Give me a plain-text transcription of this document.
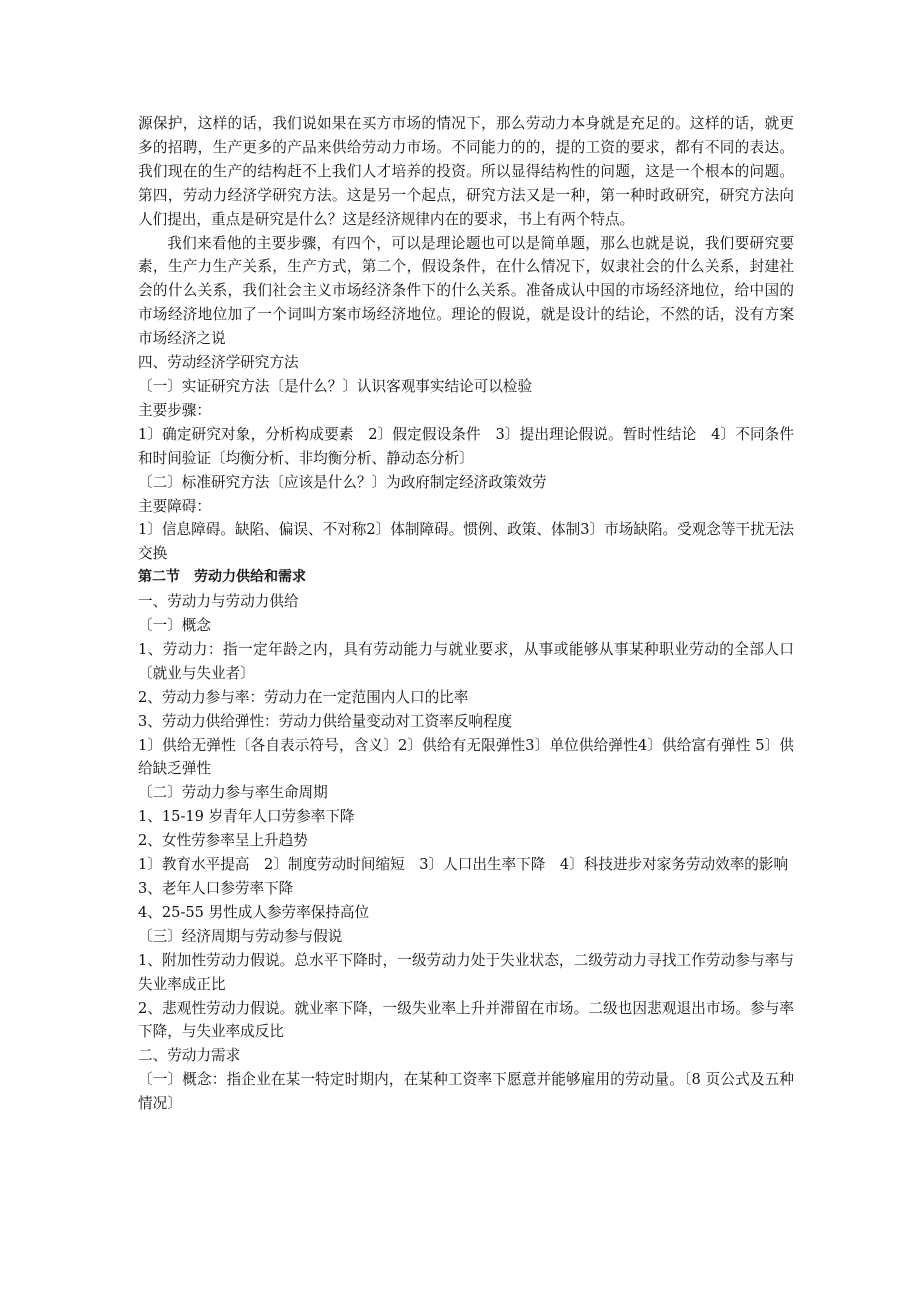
源保护，这样的话，我们说如果在买方市场的情况下，那么劳动力本身就是充足的。这样的话，就更多的招聘，生产更多的产品来供给劳动力市场。不同能力的的，提的工资的要求，都有不同的表达。我们现在的生产的结构赶不上我们人才培养的投资。所以显得结构性的问题，这是一个根本的问题。第四，劳动力经济学研究方法。这是另一个起点，研究方法又是一种，第一种时政研究，研究方法向人们提出，重点是研究是什么？这是经济规律内在的要求，书上有两个特点。

我们来看他的主要步骤，有四个，可以是理论题也可以是简单题，那么也就是说，我们要研究要素，生产力生产关系，生产方式，第二个，假设条件，在什么情况下，奴隶社会的什么关系，封建社会的什么关系，我们社会主义市场经济条件下的什么关系。准备成认中国的市场经济地位，给中国的市场经济地位加了一个词叫方案市场经济地位。理论的假说，就是设计的结论，不然的话，没有方案市场经济之说

四、劳动经济学研究方法

〔一〕实证研究方法〔是什么？〕认识客观事实结论可以检验

主要步骤：

1〕确定研究对象，分析构成要素　2〕假定假设条件　3〕提出理论假说。暂时性结论　4〕不同条件和时间验证〔均衡分析、非均衡分析、静动态分析〕

〔二〕标准研究方法〔应该是什么？〕为政府制定经济政策效劳

主要障碍：

1〕信息障碍。缺陷、偏误、不对称2〕体制障碍。惯例、政策、体制3〕市场缺陷。受观念等干扰无法交换

第二节　劳动力供给和需求

一、劳动力与劳动力供给

〔一〕概念

1、劳动力：指一定年龄之内，具有劳动能力与就业要求，从事或能够从事某种职业劳动的全部人口〔就业与失业者〕

2、劳动力参与率：劳动力在一定范围内人口的比率

3、劳动力供给弹性：劳动力供给量变动对工资率反响程度

1〕供给无弹性〔各自表示符号，含义〕2〕供给有无限弹性3〕单位供给弹性4〕供给富有弹性 5〕供给缺乏弹性

〔二〕劳动力参与率生命周期

1、15-19 岁青年人口劳参率下降

2、女性劳参率呈上升趋势

1〕教育水平提高　2〕制度劳动时间缩短　3〕人口出生率下降　4〕科技进步对家务劳动效率的影响

3、老年人口参劳率下降

4、25-55 男性成人参劳率保持高位

〔三〕经济周期与劳动参与假说

1、附加性劳动力假说。总水平下降时，一级劳动力处于失业状态，二级劳动力寻找工作劳动参与率与失业率成正比

2、悲观性劳动力假说。就业率下降，一级失业率上升并滞留在市场。二级也因悲观退出市场。参与率下降，与失业率成反比

二、劳动力需求

〔一〕概念：指企业在某一特定时期内，在某种工资率下愿意并能够雇用的劳动量。〔8 页公式及五种情况〕
